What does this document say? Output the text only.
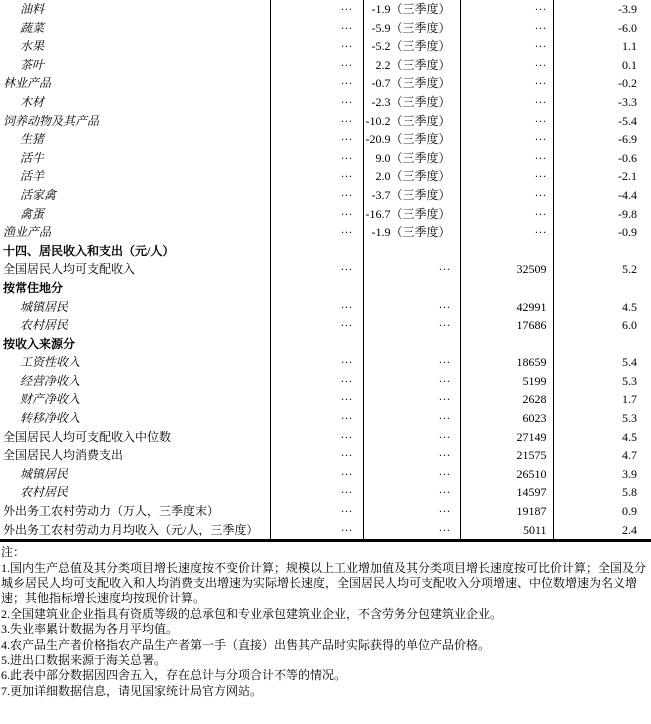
油料	···	-1.9（三季度）	···	-3.9
蔬菜	···	-5.9（三季度）	···	-6.0
水果	···	-5.2（三季度）	···	1.1
茶叶	···	2.2（三季度）	···	0.1
林业产品	···	-0.7（三季度）	···	-0.2
木材	···	-2.3（三季度）	···	-3.3
饲养动物及其产品	···	-10.2（三季度）	···	-5.4
生猪	···	-20.9（三季度）	···	-6.9
活牛	···	9.0（三季度）	···	-0.6
活羊	···	2.0（三季度）	···	-2.1
活家禽	···	-3.7（三季度）	···	-4.4
禽蛋	···	-16.7（三季度）	···	-9.8
渔业产品	···	-1.9（三季度）	···	-0.9
十四、居民收入和支出（元/人）				
全国居民人均可支配收入	···	···	32509	5.2
按常住地分				
城镇居民	···	···	42991	4.5
农村居民	···	···	17686	6.0
按收入来源分				
工资性收入	···	···	18659	5.4
经营净收入	···	···	5199	5.3
财产净收入	···	···	2628	1.7
转移净收入	···	···	6023	5.3
全国居民人均可支配收入中位数	···	···	27149	4.5
全国居民人均消费支出	···	···	21575	4.7
城镇居民	···	···	26510	3.9
农村居民	···	···	14597	5.8
外出务工农村劳动力（万人，三季度末）	···	···	19187	0.9
外出务工农村劳动力月均收入（元/人，三季度）	···	···	5011	2.4
注：
1.国内生产总值及其分类项目增长速度按不变价计算；规模以上工业增加值及其分类项目增长速度按可比价计算；全国及分城乡居民人均可支配收入和人均消费支出增速为实际增长速度，全国居民人均可支配收入分项增速、中位数增速为名义增速；其他指标增长速度均按现价计算。
2.全国建筑业企业指具有资质等级的总承包和专业承包建筑业企业，不含劳务分包建筑业企业。
3.失业率累计数据为各月平均值。
4.农产品生产者价格指农产品生产者第一手（直接）出售其产品时实际获得的单位产品价格。
5.进出口数据来源于海关总署。
6.此表中部分数据因四舍五入，存在总计与分项合计不等的情况。
7.更加详细数据信息，请见国家统计局官方网站。
